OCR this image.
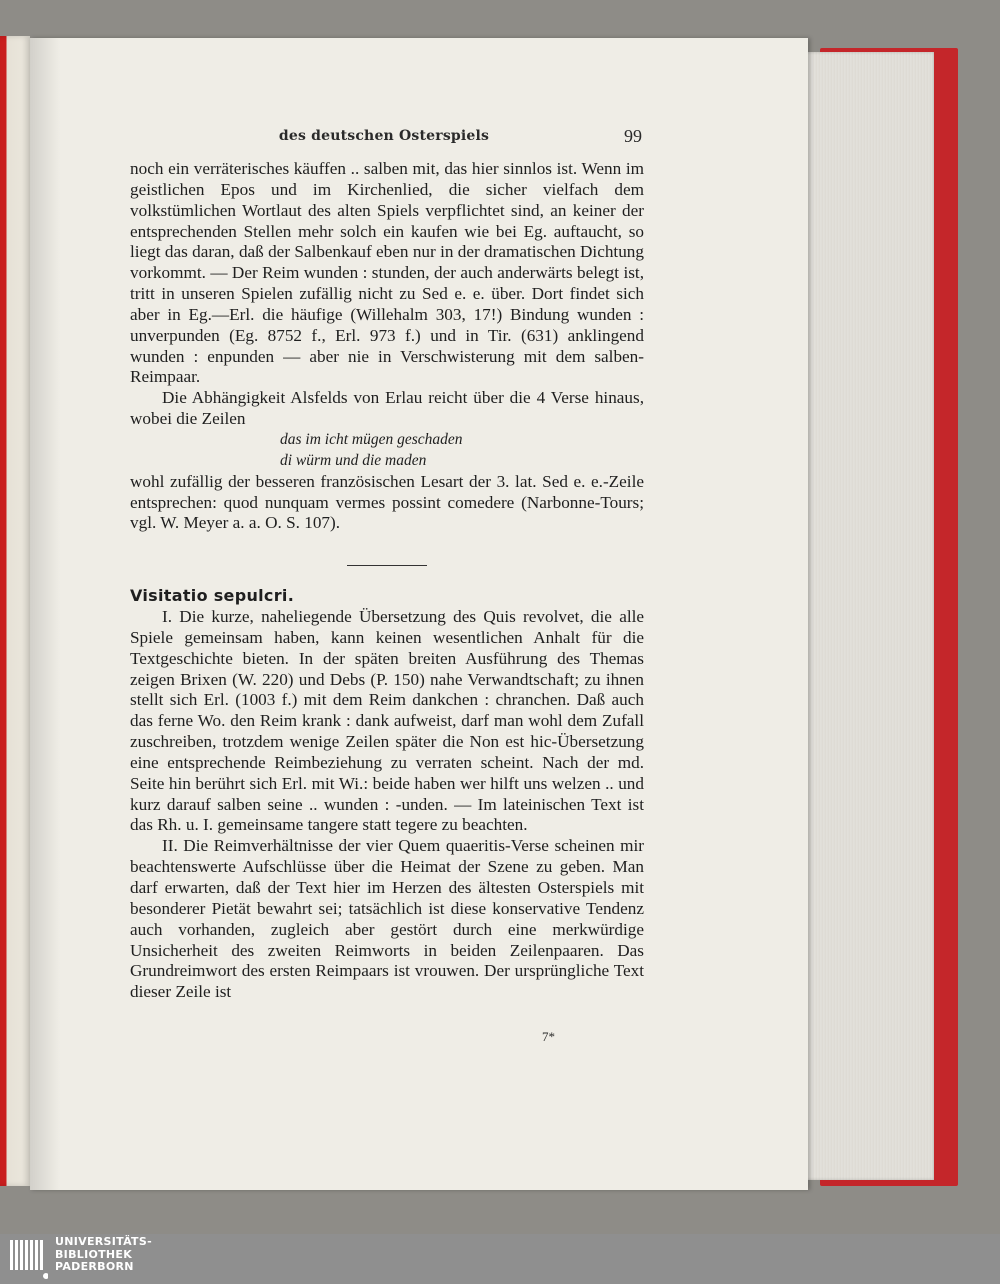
des deutschen Osterspiels	99

noch ein verräterisches käuffen .. salben mit, das hier sinnlos ist. Wenn im geistlichen Epos und im Kirchenlied, die sicher vielfach dem volkstümlichen Wortlaut des alten Spiels verpflichtet sind, an keiner der entsprechenden Stellen mehr solch ein kaufen wie bei Eg. auftaucht, so liegt das daran, daß der Salbenkauf eben nur in der dramatischen Dichtung vorkommt. — Der Reim wunden : stunden, der auch anderwärts belegt ist, tritt in unseren Spielen zufällig nicht zu Sed e. e. über. Dort findet sich aber in Eg.—Erl. die häufige (Willehalm 303, 17!) Bindung wunden : unverpunden (Eg. 8752 f., Erl. 973 f.) und in Tir. (631) anklingend wunden : enpunden — aber nie in Verschwisterung mit dem salben-Reimpaar.

Die Abhängigkeit Alsfelds von Erlau reicht über die 4 Verse hinaus, wobei die Zeilen

das im icht mügen geschaden

di würm und die maden

wohl zufällig der besseren französischen Lesart der 3. lat. Sed e. e.-Zeile entsprechen: quod nunquam vermes possint comedere (Narbonne-Tours; vgl. W. Meyer a. a. O. S. 107).

Visitatio sepulcri.

I. Die kurze, naheliegende Übersetzung des Quis revolvet, die alle Spiele gemeinsam haben, kann keinen wesentlichen Anhalt für die Textgeschichte bieten. In der späten breiten Ausführung des Themas zeigen Brixen (W. 220) und Debs (P. 150) nahe Verwandtschaft; zu ihnen stellt sich Erl. (1003 f.) mit dem Reim dankchen : chranchen. Daß auch das ferne Wo. den Reim krank : dank aufweist, darf man wohl dem Zufall zuschreiben, trotzdem wenige Zeilen später die Non est hic-Übersetzung eine entsprechende Reimbeziehung zu verraten scheint. Nach der md. Seite hin berührt sich Erl. mit Wi.: beide haben wer hilft uns welzen .. und kurz darauf salben seine .. wunden : -unden. — Im lateinischen Text ist das Rh. u. I. gemeinsame tangere statt tegere zu beachten.

II. Die Reimverhältnisse der vier Quem quaeritis-Verse scheinen mir beachtenswerte Aufschlüsse über die Heimat der Szene zu geben. Man darf erwarten, daß der Text hier im Herzen des ältesten Osterspiels mit besonderer Pietät bewahrt sei; tatsächlich ist diese konservative Tendenz auch vorhanden, zugleich aber gestört durch eine merkwürdige Unsicherheit des zweiten Reimworts in beiden Zeilenpaaren. Das Grundreimwort des ersten Reimpaars ist vrouwen. Der ursprüngliche Text dieser Zeile ist

7*
UNIVERSITÄTS-
BIBLIOTHEK
PADERBORN
